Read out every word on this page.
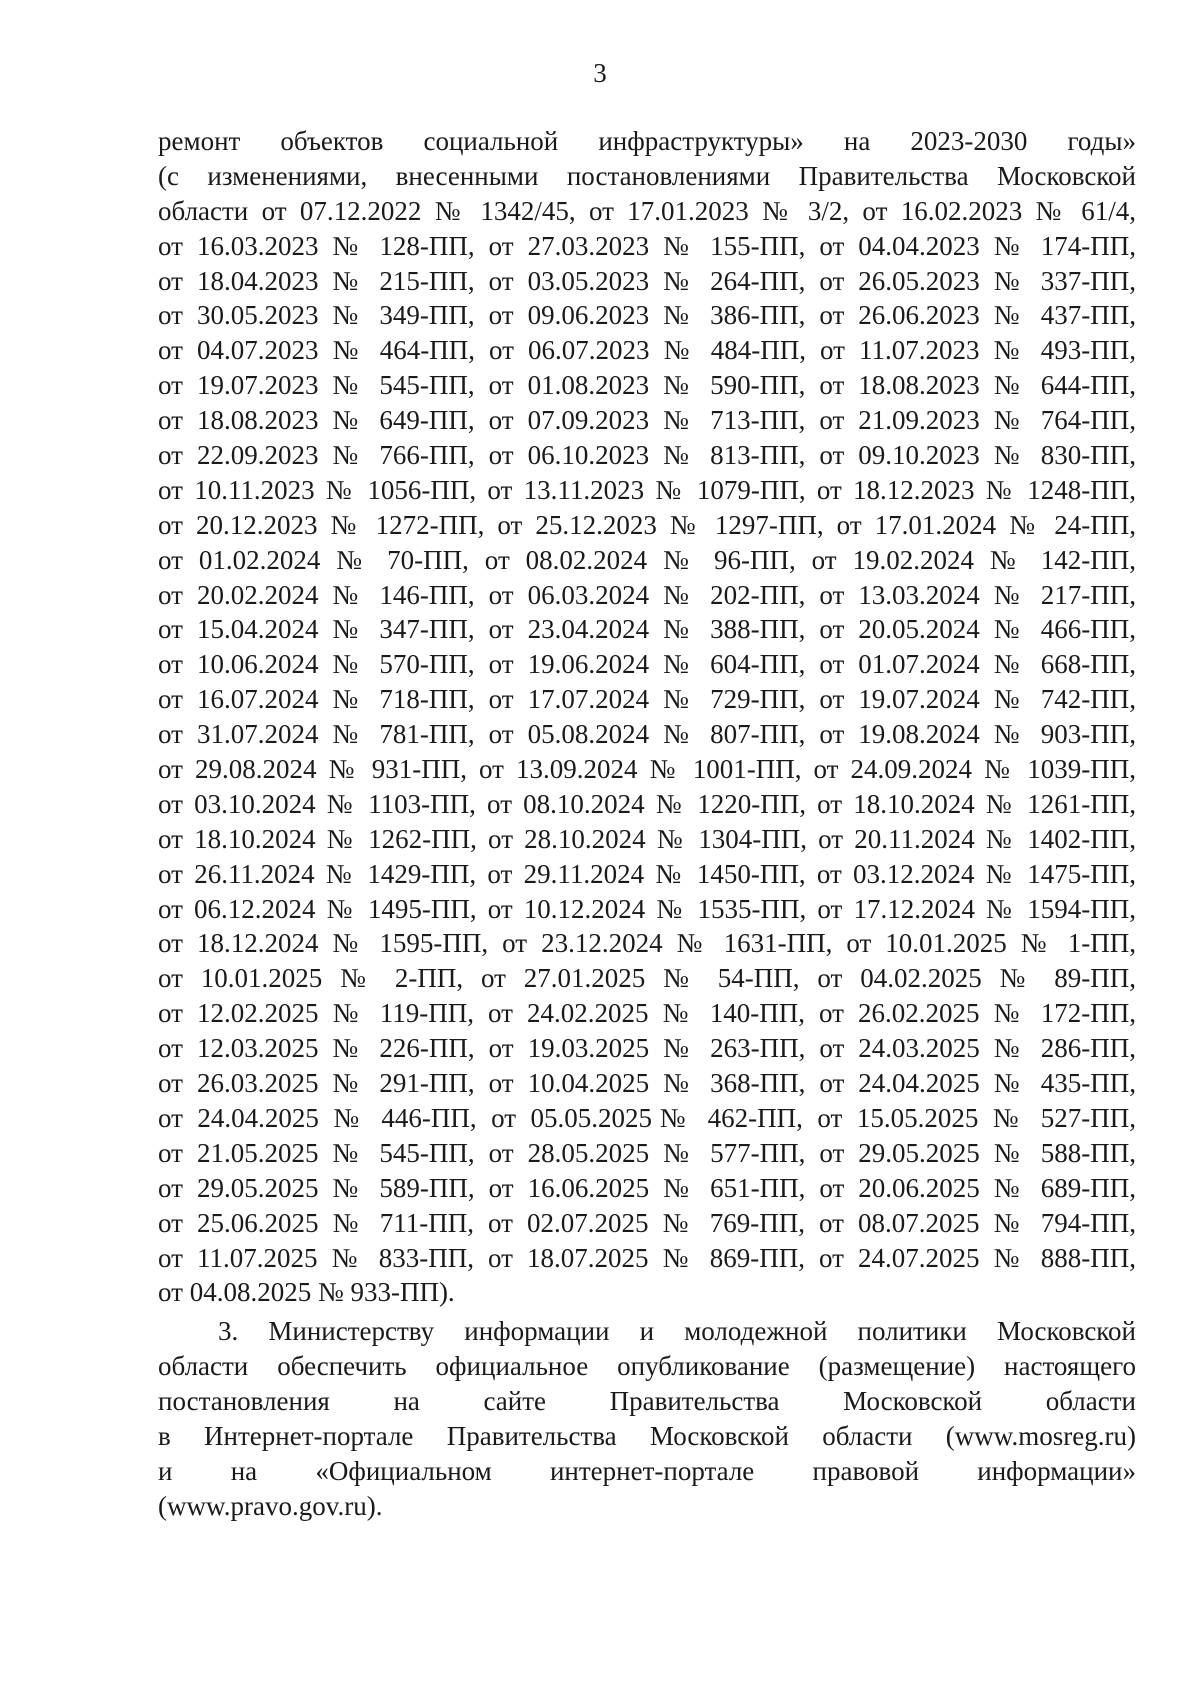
3
ремонт объектов социальной инфраструктуры» на 2023-2030 годы»
(с изменениями, внесенными постановлениями Правительства Московской
области от 07.12.2022 № 1342/45, от 17.01.2023 № 3/2, от 16.02.2023 № 61/4,
от 16.03.2023 № 128-ПП, от 27.03.2023 № 155-ПП, от 04.04.2023 № 174-ПП,
от 18.04.2023 № 215-ПП, от 03.05.2023 № 264-ПП, от 26.05.2023 № 337-ПП,
от 30.05.2023 № 349-ПП, от 09.06.2023 № 386-ПП, от 26.06.2023 № 437-ПП,
от 04.07.2023 № 464-ПП, от 06.07.2023 № 484-ПП, от 11.07.2023 № 493-ПП,
от 19.07.2023 № 545-ПП, от 01.08.2023 № 590-ПП, от 18.08.2023 № 644-ПП,
от 18.08.2023 № 649-ПП, от 07.09.2023 № 713-ПП, от 21.09.2023 № 764-ПП,
от 22.09.2023 № 766-ПП, от 06.10.2023 № 813-ПП, от 09.10.2023 № 830-ПП,
от 10.11.2023 № 1056-ПП, от 13.11.2023 № 1079-ПП, от 18.12.2023 № 1248-ПП,
от 20.12.2023 № 1272-ПП, от 25.12.2023 № 1297-ПП, от 17.01.2024 № 24-ПП,
от 01.02.2024 № 70-ПП, от 08.02.2024 № 96-ПП, от 19.02.2024 № 142-ПП,
от 20.02.2024 № 146-ПП, от 06.03.2024 № 202-ПП, от 13.03.2024 № 217-ПП,
от 15.04.2024 № 347-ПП, от 23.04.2024 № 388-ПП, от 20.05.2024 № 466-ПП,
от 10.06.2024 № 570-ПП, от 19.06.2024 № 604-ПП, от 01.07.2024 № 668-ПП,
от 16.07.2024 № 718-ПП, от 17.07.2024 № 729-ПП, от 19.07.2024 № 742-ПП,
от 31.07.2024 № 781-ПП, от 05.08.2024 № 807-ПП, от 19.08.2024 № 903-ПП,
от 29.08.2024 № 931-ПП, от 13.09.2024 № 1001-ПП, от 24.09.2024 № 1039-ПП,
от 03.10.2024 № 1103-ПП, от 08.10.2024 № 1220-ПП, от 18.10.2024 № 1261-ПП,
от 18.10.2024 № 1262-ПП, от 28.10.2024 № 1304-ПП, от 20.11.2024 № 1402-ПП,
от 26.11.2024 № 1429-ПП, от 29.11.2024 № 1450-ПП, от 03.12.2024 № 1475-ПП,
от 06.12.2024 № 1495-ПП, от 10.12.2024 № 1535-ПП, от 17.12.2024 № 1594-ПП,
от 18.12.2024 № 1595-ПП, от 23.12.2024 № 1631-ПП, от 10.01.2025 № 1-ПП,
от 10.01.2025 № 2-ПП, от 27.01.2025 № 54-ПП, от 04.02.2025 № 89-ПП,
от 12.02.2025 № 119-ПП, от 24.02.2025 № 140-ПП, от 26.02.2025 № 172-ПП,
от 12.03.2025 № 226-ПП, от 19.03.2025 № 263-ПП, от 24.03.2025 № 286-ПП,
от 26.03.2025 № 291-ПП, от 10.04.2025 № 368-ПП, от 24.04.2025 № 435-ПП,
от 24.04.2025 № 446-ПП, от 05.05.2025№ 462-ПП, от 15.05.2025 № 527-ПП,
от 21.05.2025 № 545-ПП, от 28.05.2025 № 577-ПП, от 29.05.2025 № 588-ПП,
от 29.05.2025 № 589-ПП, от 16.06.2025 № 651-ПП, от 20.06.2025 № 689-ПП,
от 25.06.2025 № 711-ПП, от 02.07.2025 № 769-ПП, от 08.07.2025 № 794-ПП,
от 11.07.2025 № 833-ПП, от 18.07.2025 № 869-ПП, от 24.07.2025 № 888-ПП,
от 04.08.2025 № 933-ПП).
3. Министерству информации и молодежной политики Московской
области обеспечить официальное опубликование (размещение) настоящего
постановления на сайте Правительства Московской области
в Интернет-портале Правительства Московской области (www.mosreg.ru)
и на «Официальном интернет-портале правовой информации»
(www.pravo.gov.ru).
